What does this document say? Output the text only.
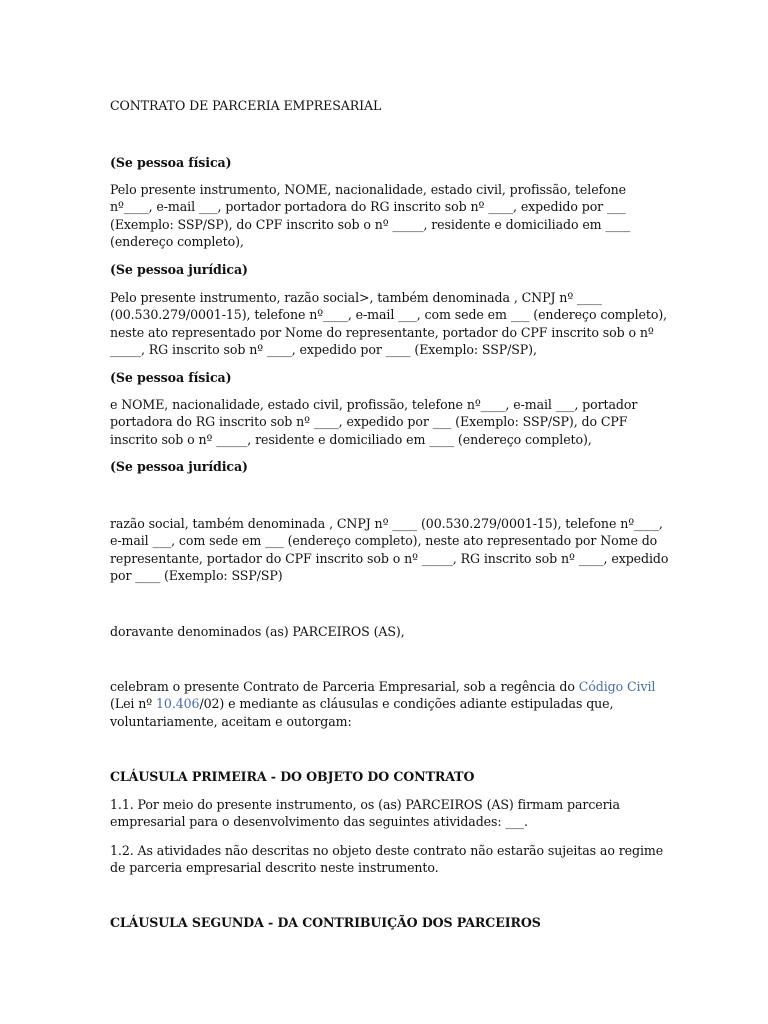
CONTRATO DE PARCERIA EMPRESARIAL

(Se pessoa física)

Pelo presente instrumento, NOME, nacionalidade, estado civil, profissão, telefone nº____, e-mail ___, portador portadora do RG inscrito sob nº ____, expedido por ___ (Exemplo: SSP/SP), do CPF inscrito sob o nº _____, residente e domiciliado em ____ (endereço completo),

(Se pessoa jurídica)

Pelo presente instrumento, razão social>, também denominada , CNPJ nº ____ (00.530.279/0001-15), telefone nº____, e-mail ___, com sede em ___ (endereço completo), neste ato representado por Nome do representante, portador do CPF inscrito sob o nº _____, RG inscrito sob nº ____, expedido por ____ (Exemplo: SSP/SP),

(Se pessoa física)

e NOME, nacionalidade, estado civil, profissão, telefone nº____, e-mail ___, portador portadora do RG inscrito sob nº ____, expedido por ___ (Exemplo: SSP/SP), do CPF inscrito sob o nº _____, residente e domiciliado em ____ (endereço completo),

(Se pessoa jurídica)

razão social, também denominada , CNPJ nº ____ (00.530.279/0001-15), telefone nº____, e-mail ___, com sede em ___ (endereço completo), neste ato representado por Nome do representante, portador do CPF inscrito sob o nº _____, RG inscrito sob nº ____, expedido por ____ (Exemplo: SSP/SP)

doravante denominados (as) PARCEIROS (AS),

celebram o presente Contrato de Parceria Empresarial, sob a regência do Código Civil (Lei nº 10.406/02) e mediante as cláusulas e condições adiante estipuladas que, voluntariamente, aceitam e outorgam:

CLÁUSULA PRIMEIRA - DO OBJETO DO CONTRATO

1.1. Por meio do presente instrumento, os (as) PARCEIROS (AS) firmam parceria empresarial para o desenvolvimento das seguintes atividades: ___.

1.2. As atividades não descritas no objeto deste contrato não estarão sujeitas ao regime de parceria empresarial descrito neste instrumento.

CLÁUSULA SEGUNDA - DA CONTRIBUIÇÃO DOS PARCEIROS
